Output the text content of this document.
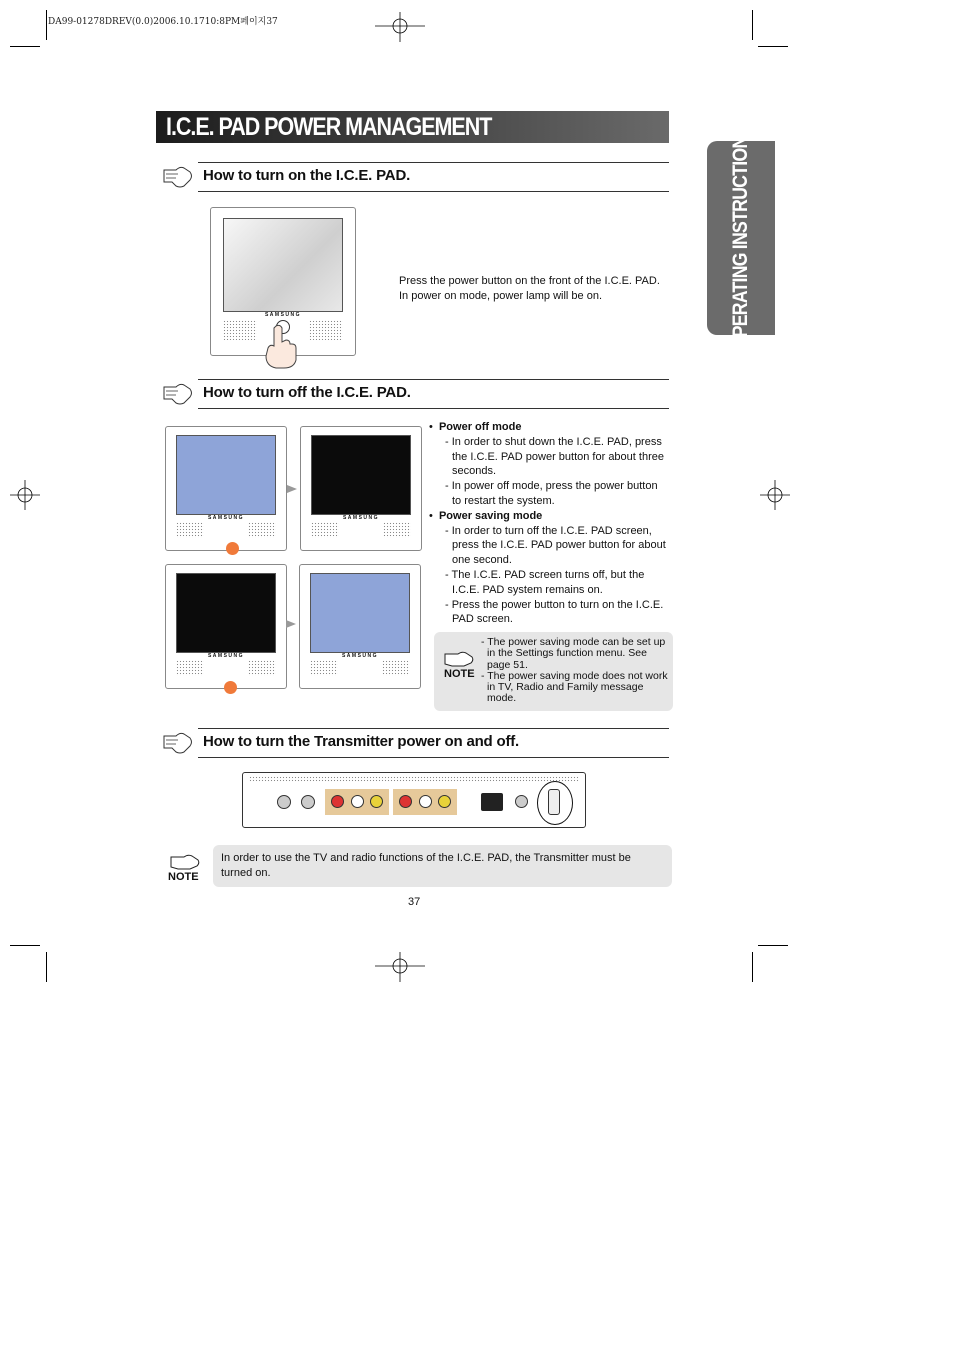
DA99-01278DREV(0.0)2006.10.1710:8PM페이지37
I.C.E. PAD POWER MANAGEMENT	OPERATING INSTRUCTIONS
How to turn on the I.C.E. PAD.
SAMSUNG
Press the power button on the front of the I.C.E. PAD.
In power on mode, power lamp will be on.
How to turn off the I.C.E. PAD.
SAMSUNG	SAMSUNG
SAMSUNG	SAMSUNG
•  Power off mode
- In order to shut down the I.C.E. PAD, press the I.C.E. PAD power button for about three seconds.
- In power off mode, press the power button to restart the system.
•  Power saving mode
- In order to turn off the I.C.E. PAD screen, press the I.C.E. PAD power button for about one second.
- The I.C.E. PAD screen turns off, but the I.C.E. PAD system remains on.
- Press the power button to turn on the I.C.E. PAD screen.
NOTE
- The power saving mode can be set up in the Settings function menu. See page 51.
- The power saving mode does not work in TV, Radio and Family message mode.
How to turn the Transmitter power on and off.
NOTE
In order to use the TV and radio functions of the I.C.E. PAD, the Transmitter must be turned on.
37
